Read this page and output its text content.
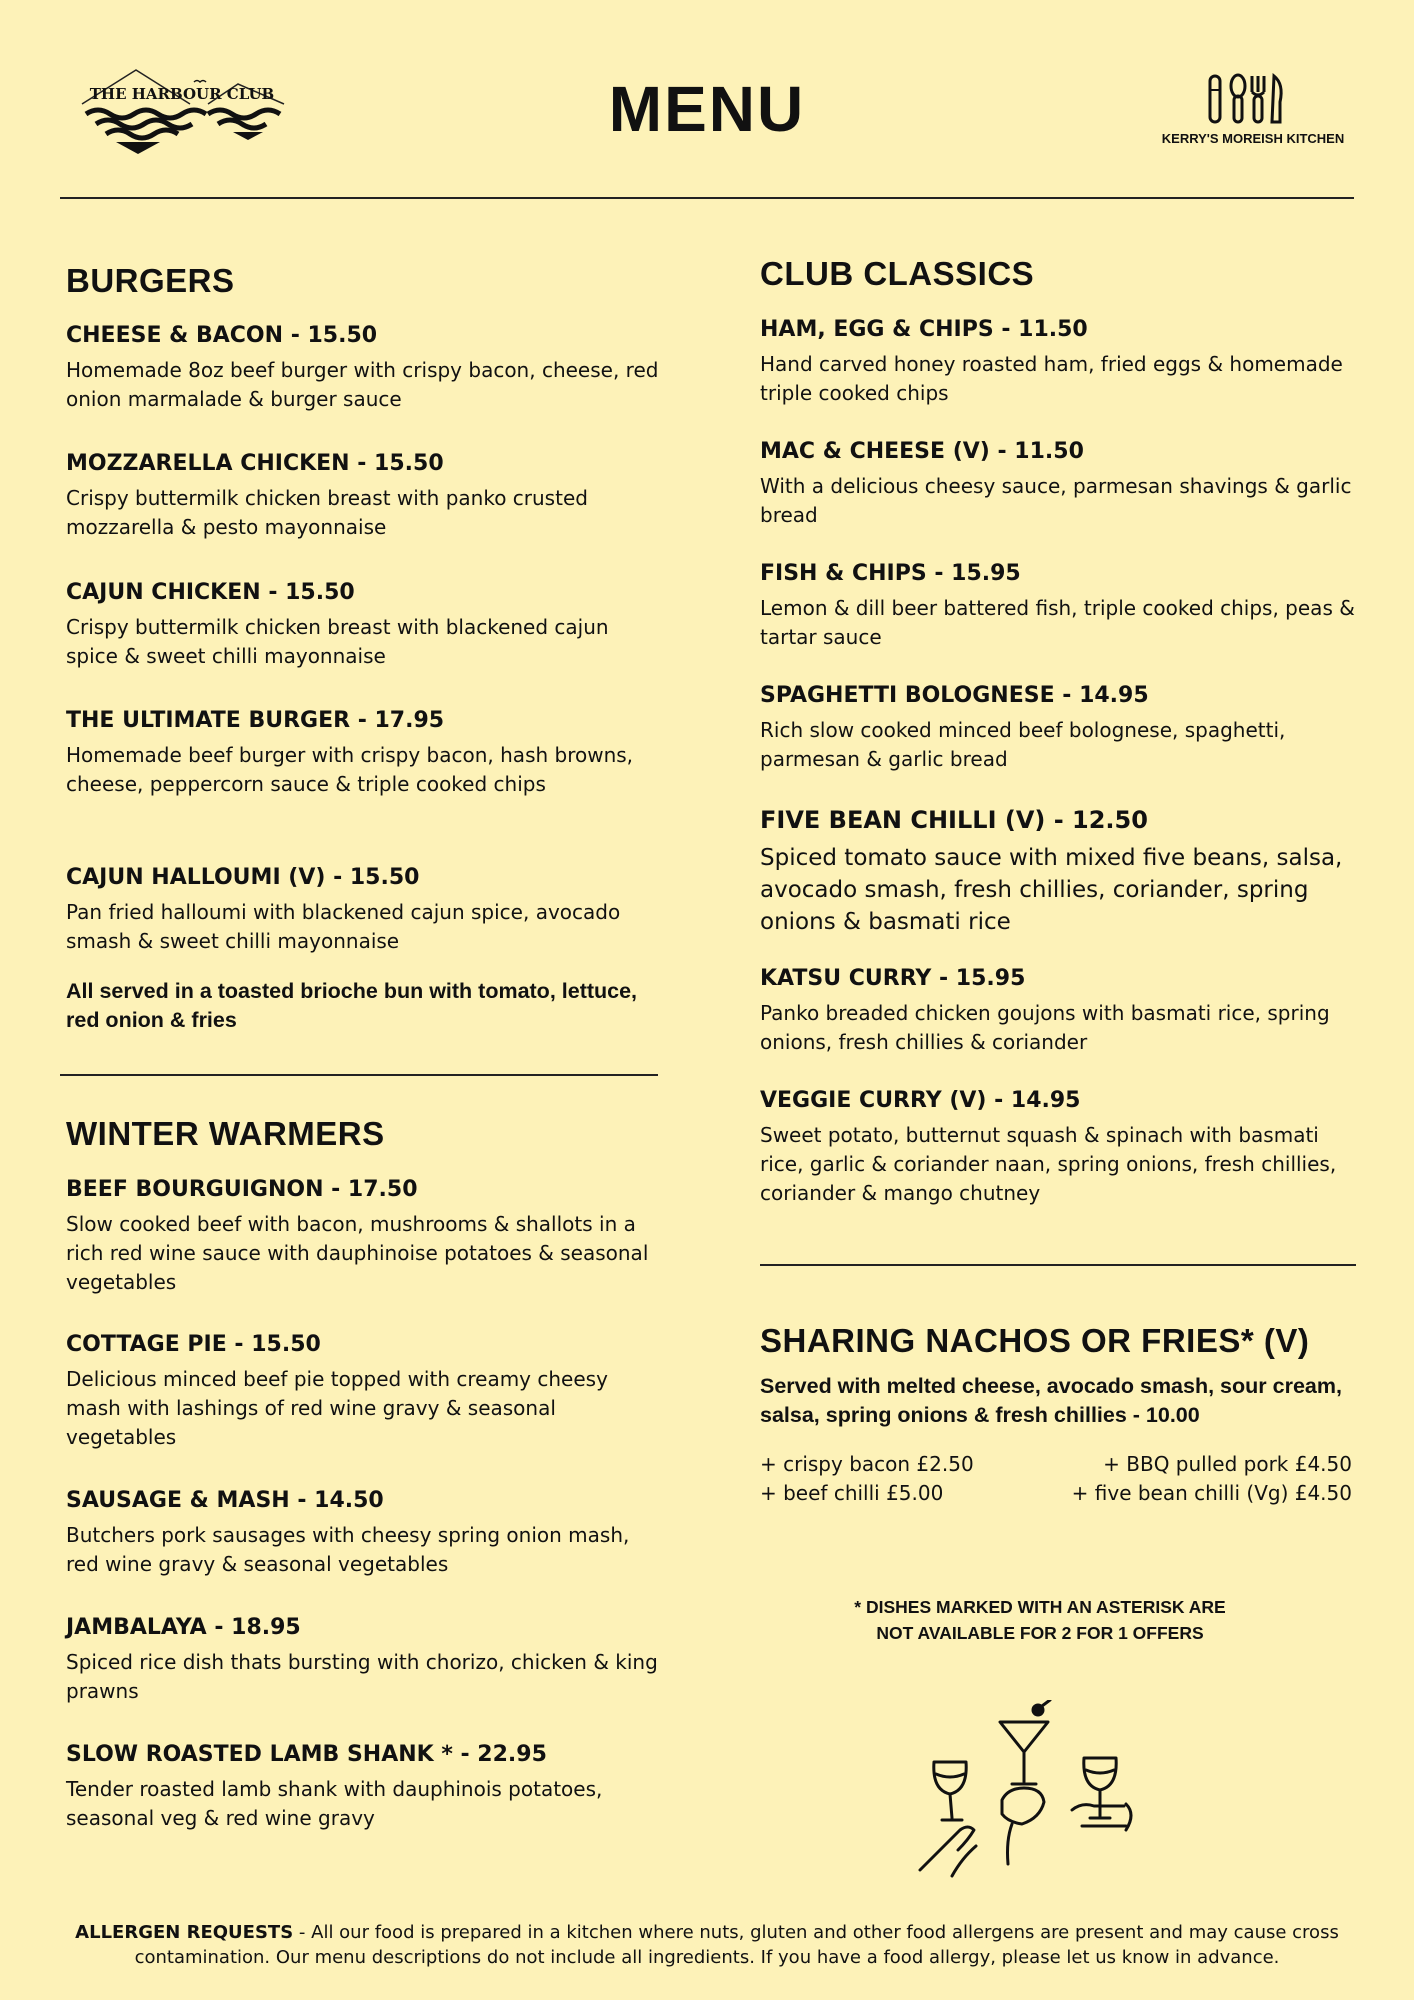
THE HARBOUR CLUB	MENU	KERRY'S MOREISH KITCHEN
BURGERS

CHEESE & BACON - 15.50

Homemade 8oz beef burger with crispy bacon, cheese, red onion marmalade & burger sauce

MOZZARELLA CHICKEN - 15.50

Crispy buttermilk chicken breast with panko crusted mozzarella & pesto mayonnaise

CAJUN CHICKEN - 15.50

Crispy buttermilk chicken breast with blackened cajun spice & sweet chilli mayonnaise

THE ULTIMATE BURGER - 17.95

Homemade beef burger with crispy bacon, hash browns, cheese, peppercorn sauce & triple cooked chips

CAJUN HALLOUMI (V) - 15.50

Pan fried halloumi with blackened cajun spice, avocado smash & sweet chilli mayonnaise

All served in a toasted brioche bun with tomato, lettuce, red onion & fries

WINTER WARMERS

BEEF BOURGUIGNON - 17.50

Slow cooked beef with bacon, mushrooms & shallots in a rich red wine sauce with dauphinoise potatoes & seasonal vegetables

COTTAGE PIE - 15.50

Delicious minced beef pie topped with creamy cheesy mash with lashings of red wine gravy & seasonal vegetables

SAUSAGE & MASH - 14.50

Butchers pork sausages with cheesy spring onion mash, red wine gravy & seasonal vegetables

JAMBALAYA - 18.95

Spiced rice dish thats bursting with chorizo, chicken & king prawns

SLOW ROASTED LAMB SHANK * - 22.95

Tender roasted lamb shank with dauphinois potatoes, seasonal veg & red wine gravy

CLUB CLASSICS

HAM, EGG & CHIPS - 11.50

Hand carved honey roasted ham, fried eggs & homemade triple cooked chips

MAC & CHEESE (V) - 11.50

With a delicious cheesy sauce, parmesan shavings & garlic bread

FISH & CHIPS - 15.95

Lemon & dill beer battered fish, triple cooked chips, peas & tartar sauce

SPAGHETTI BOLOGNESE - 14.95

Rich slow cooked minced beef bolognese, spaghetti, parmesan & garlic bread

FIVE BEAN CHILLI (V) - 12.50

Spiced tomato sauce with mixed five beans, salsa, avocado smash, fresh chillies, coriander, spring onions & basmati rice

KATSU CURRY - 15.95

Panko breaded chicken goujons with basmati rice, spring onions, fresh chillies & coriander

VEGGIE CURRY (V) - 14.95

Sweet potato, butternut squash & spinach with basmati rice, garlic & coriander naan, spring onions, fresh chillies, coriander & mango chutney

SHARING NACHOS OR FRIES* (V)

Served with melted cheese, avocado smash, sour cream, salsa, spring onions & fresh chillies - 10.00

+ crispy bacon £2.50	+ BBQ pulled pork £4.50
+ beef chilli £5.00	+ five bean chilli (Vg) £4.50
* DISHES MARKED WITH AN ASTERISK ARE
NOT AVAILABLE FOR 2 FOR 1 OFFERS
ALLERGEN REQUESTS - All our food is prepared in a kitchen where nuts, gluten and other food allergens are present and may cause cross contamination. Our menu descriptions do not include all ingredients. If you have a food allergy, please let us know in advance.
